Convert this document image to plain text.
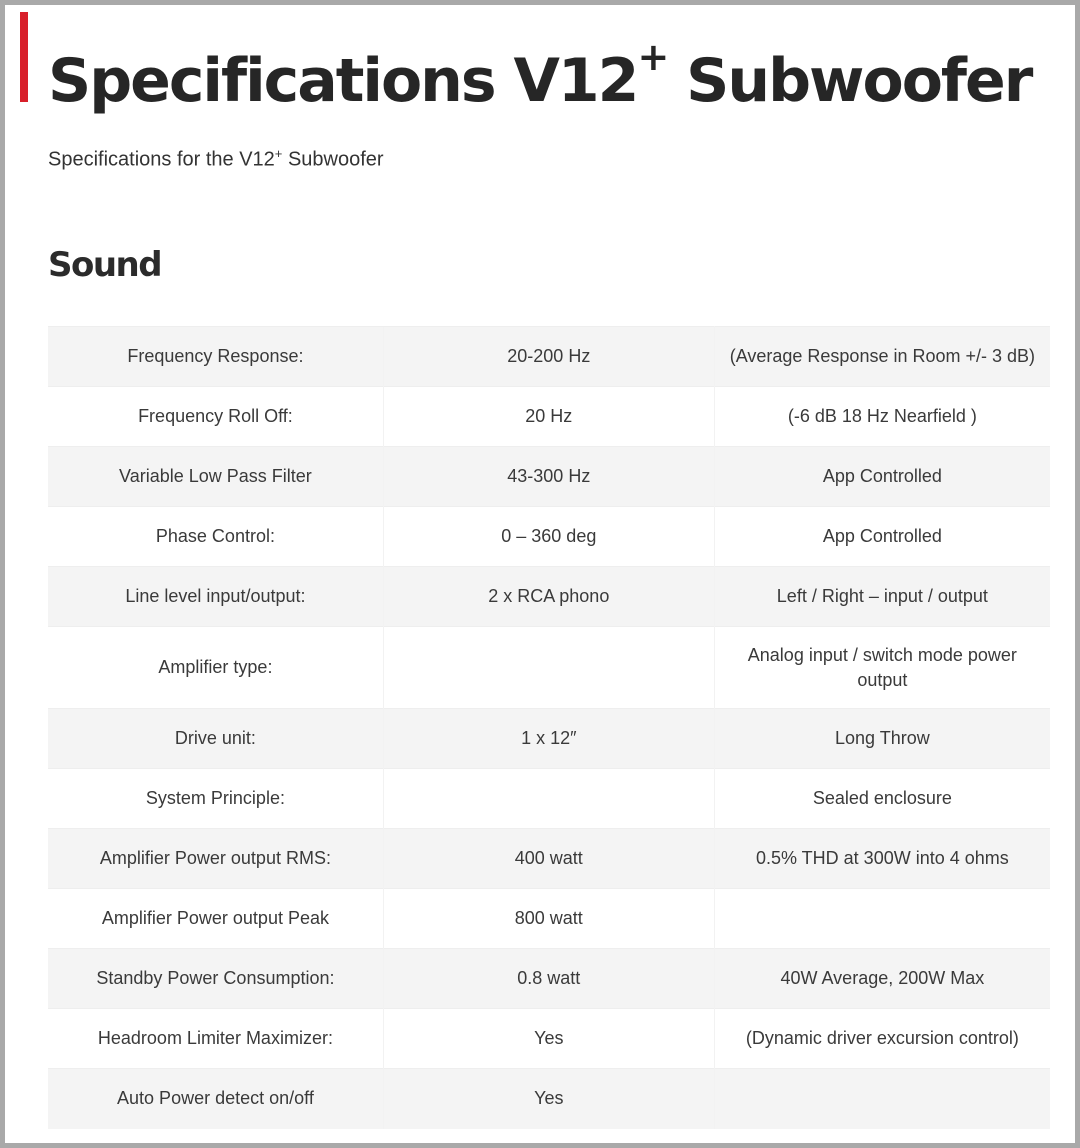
Specifications V12+ Subwoofer

Specifications for the V12+ Subwoofer

Sound
Frequency Response:	20-200 Hz	(Average Response in Room +/- 3 dB)
Frequency Roll Off:	20 Hz	(-6 dB 18 Hz Nearfield )
Variable Low Pass Filter	43-300 Hz	App Controlled
Phase Control:	0 – 360 deg	App Controlled
Line level input/output:	2 x RCA phono	Left / Right – input / output
Amplifier type:		Analog input / switch mode power output
Drive unit:	1 x 12″	Long Throw
System Principle:		Sealed enclosure
Amplifier Power output RMS:	400 watt	0.5% THD at 300W into 4 ohms
Amplifier Power output Peak	800 watt	
Standby Power Consumption:	0.8 watt	40W Average, 200W Max
Headroom Limiter Maximizer:	Yes	(Dynamic driver excursion control)
Auto Power detect on/off	Yes	
